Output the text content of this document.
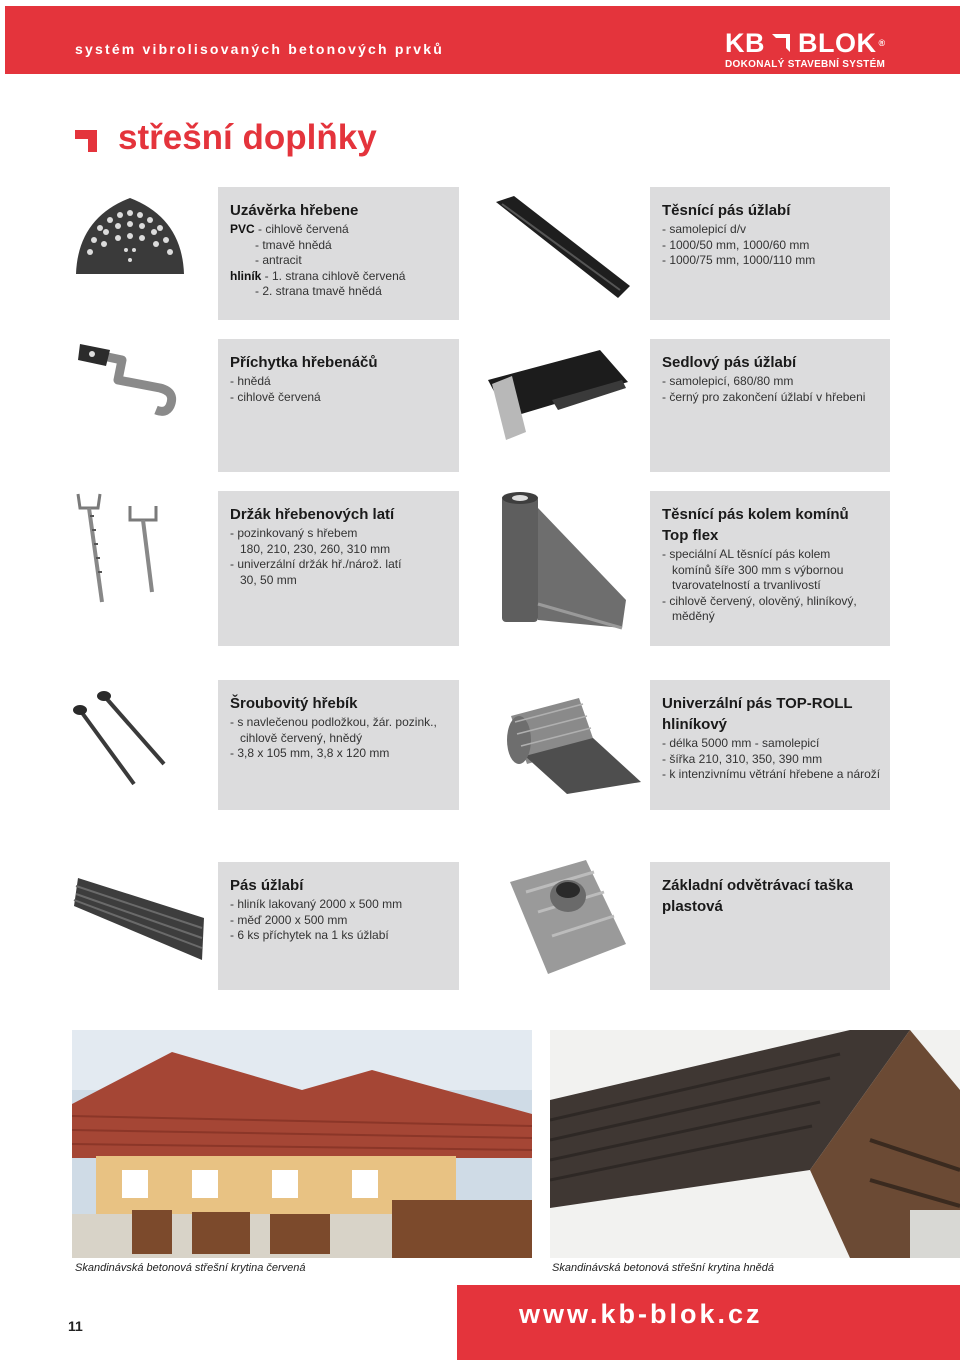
systém vibrolisovaných betonových prvků	KB BLOK ®
DOKONALÝ STAVEBNÍ SYSTÉM
střešní doplňky
Uzávěrka hřebene
PVC - cihlově červená
- tmavě hnědá
- antracit
hliník - 1. strana cihlově červená
- 2. strana tmavě hnědá
Těsnící pás úžlabí
- samolepicí d/v
- 1000/50 mm, 1000/60 mm
- 1000/75 mm, 1000/110 mm
Příchytka hřebenáčů
- hnědá
- cihlově červená
Sedlový pás úžlabí
- samolepicí, 680/80 mm
- černý pro zakončení úžlabí v hřebeni
Držák hřebenových latí
- pozinkovaný s hřebem
180, 210, 230, 260, 310 mm
- univerzální držák hř./nárož. latí
30, 50 mm
Těsnící pás kolem komínů
Top flex
- speciální AL těsnící pás kolem
komínů šíře 300 mm s výbornou
tvarovatelností a trvanlivostí
- cihlově červený, olověný, hliníkový,
měděný
Šroubovitý hřebík
- s navlečenou podložkou, žár. pozink.,
cihlově červený, hnědý
- 3,8 x 105 mm, 3,8 x 120 mm
Univerzální pás TOP-ROLL
hliníkový
- délka 5000 mm - samolepicí
- šířka 210, 310, 350, 390 mm
- k intenzivnímu větrání hřebene a nároží
Pás úžlabí
- hliník lakovaný 2000 x 500 mm
- měď 2000 x 500 mm
- 6 ks příchytek na 1 ks úžlabí
Základní odvětrávací taška
plastová
Skandinávská betonová střešní krytina červená	Skandinávská betonová střešní krytina hnědá
11	www.kb-blok.cz
